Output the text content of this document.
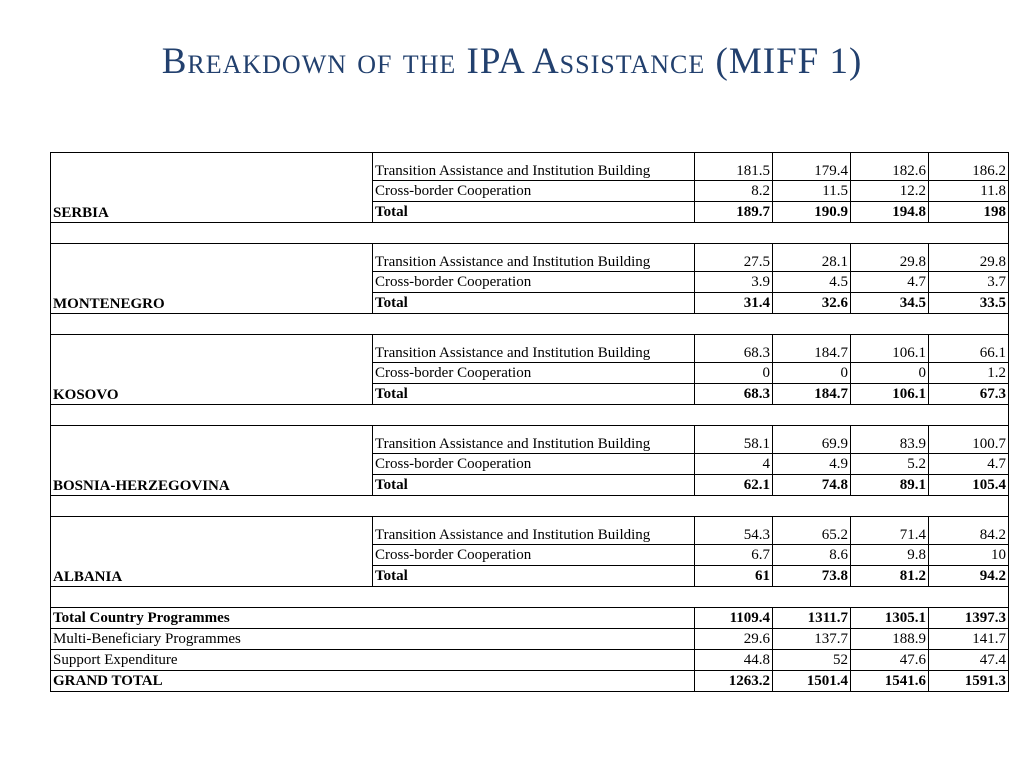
Breakdown of the IPA Assistance (MIFF 1)
SERBIA	Transition Assistance and Institution Building	181.5	179.4	182.6	186.2
	Cross-border Cooperation	8.2	11.5	12.2	11.8
	Total	189.7	190.9	194.8	198

MONTENEGRO	Transition Assistance and Institution Building	27.5	28.1	29.8	29.8
	Cross-border Cooperation	3.9	4.5	4.7	3.7
	Total	31.4	32.6	34.5	33.5

KOSOVO	Transition Assistance and Institution Building	68.3	184.7	106.1	66.1
	Cross-border Cooperation	0	0	0	1.2
	Total	68.3	184.7	106.1	67.3

BOSNIA-HERZEGOVINA	Transition Assistance and Institution Building	58.1	69.9	83.9	100.7
	Cross-border Cooperation	4	4.9	5.2	4.7
	Total	62.1	74.8	89.1	105.4

ALBANIA	Transition Assistance and Institution Building	54.3	65.2	71.4	84.2
	Cross-border Cooperation	6.7	8.6	9.8	10
	Total	61	73.8	81.2	94.2

Total Country Programmes		1109.4	1311.7	1305.1	1397.3
Multi-Beneficiary Programmes		29.6	137.7	188.9	141.7
Support Expenditure		44.8	52	47.6	47.4
GRAND TOTAL		1263.2	1501.4	1541.6	1591.3
